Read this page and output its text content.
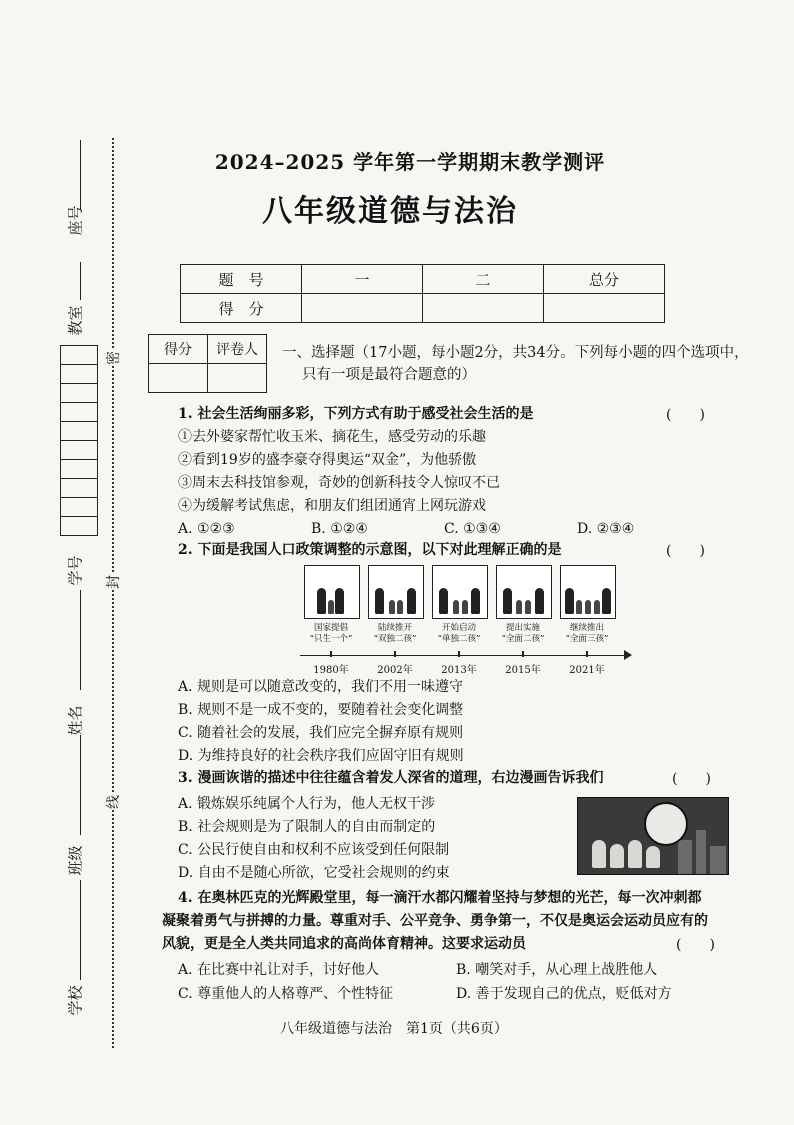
座号
教室
学号
姓名
班级
学校
密
封
线
2024–2025 学年第一学期期末教学测评
八年级道德与法治
题　号	一	二	总分
得　分			
得分	评卷人
	一、选择题（17小题，每小题2分，共34分。下列每小题的四个选项中，
只有一项是最符合题意的）
1. 社会生活绚丽多彩，下列方式有助于感受社会生活的是	(　　)
①去外婆家帮忙收玉米、摘花生，感受劳动的乐趣
②看到19岁的盛李豪夺得奥运“双金”，为他骄傲
③周末去科技馆参观，奇妙的创新科技令人惊叹不已
④为缓解考试焦虑，和朋友们组团通宵上网玩游戏
A. ①②③	B. ①②④	C. ①③④	D. ②③④
2. 下面是我国人口政策调整的示意图，以下对此理解正确的是	(　　)
国家提倡
“只生一个”
陆续推开
“双独二孩”
开始启动
“单独二孩”
提出实施
“全面二孩”
继续推出
“全面三孩”
1980年	2002年	2013年	2015年	2021年
A. 规则是可以随意改变的，我们不用一味遵守
B. 规则不是一成不变的，要随着社会变化调整
C. 随着社会的发展，我们应完全摒弃原有规则
D. 为维持良好的社会秩序我们应固守旧有规则
3. 漫画诙谐的描述中往往蕴含着发人深省的道理，右边漫画告诉我们	(　　)
A. 锻炼娱乐纯属个人行为，他人无权干涉
B. 社会规则是为了限制人的自由而制定的
C. 公民行使自由和权利不应该受到任何限制
D. 自由不是随心所欲，它受社会规则的约束
4. 在奥林匹克的光辉殿堂里，每一滴汗水都闪耀着坚持与梦想的光芒，每一次冲刺都
凝聚着勇气与拼搏的力量。尊重对手、公平竞争、勇争第一，不仅是奥运会运动员应有的
风貌，更是全人类共同追求的高尚体育精神。这要求运动员	(　　)
A. 在比赛中礼让对手，讨好他人	B. 嘲笑对手，从心理上战胜他人
C. 尊重他人的人格尊严、个性特征	D. 善于发现自己的优点，贬低对方
八年级道德与法治　第1页（共6页）
